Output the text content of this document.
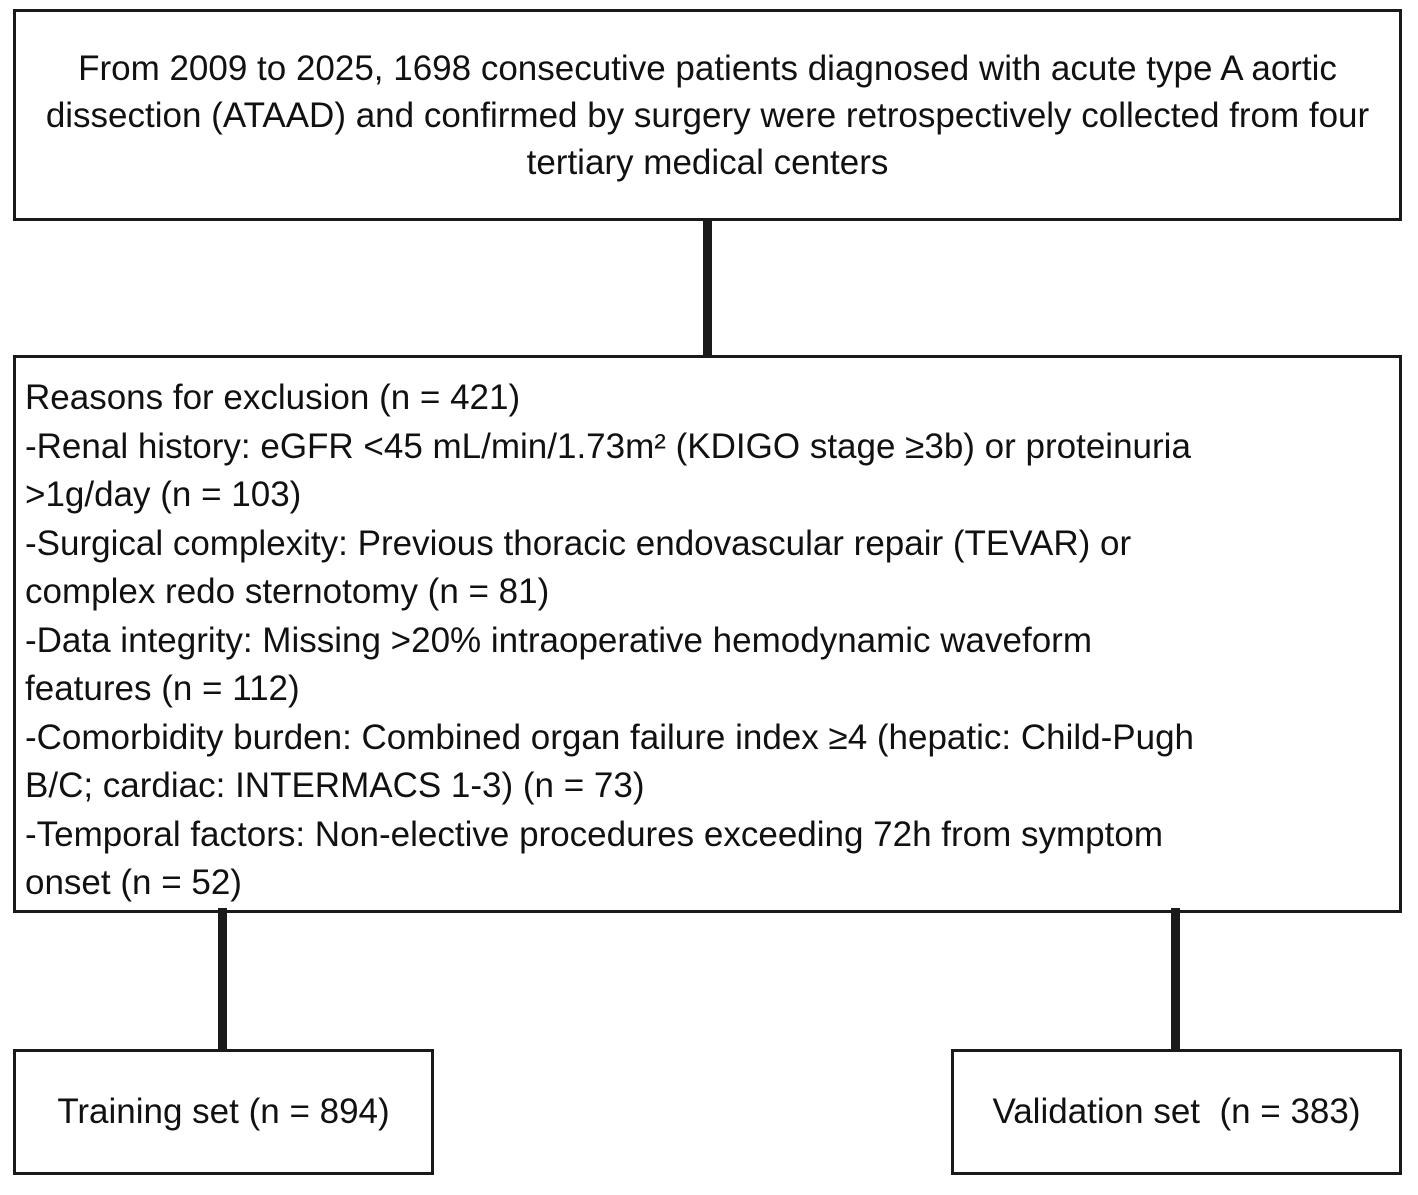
From 2009 to 2025, 1698 consecutive patients diagnosed with acute type A aortic dissection (ATAAD) and confirmed by surgery were retrospectively collected from four tertiary medical centers
Reasons for exclusion (n = 421)
-Renal history: eGFR <45 mL/min/1.73m² (KDIGO stage ≥3b) or proteinuria
>1g/day (n = 103)
-Surgical complexity: Previous thoracic endovascular repair (TEVAR) or
complex redo sternotomy (n = 81)
-Data integrity: Missing >20% intraoperative hemodynamic waveform
features (n = 112)
-Comorbidity burden: Combined organ failure index ≥4 (hepatic: Child-Pugh
B/C; cardiac: INTERMACS 1-3) (n = 73)
-Temporal factors: Non-elective procedures exceeding 72h from symptom
onset (n = 52)
Training set (n = 894)	Validation set  (n = 383)
